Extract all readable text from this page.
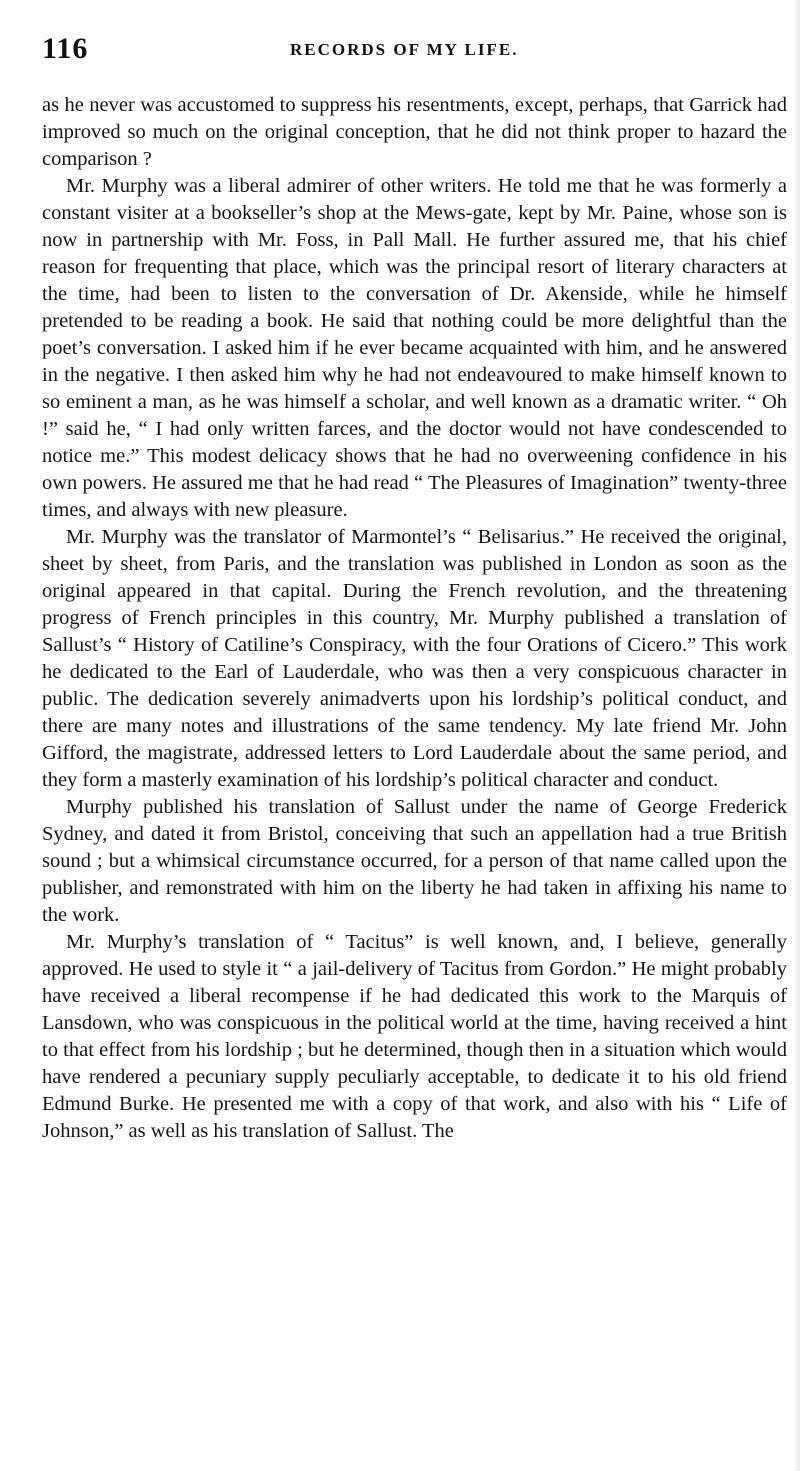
116	RECORDS OF MY LIFE.

as he never was accustomed to suppress his resentments, except, perhaps, that Garrick had improved so much on the original conception, that he did not think proper to hazard the comparison ?

Mr. Murphy was a liberal admirer of other writers. He told me that he was formerly a constant visiter at a bookseller’s shop at the Mews-gate, kept by Mr. Paine, whose son is now in partnership with Mr. Foss, in Pall Mall. He further assured me, that his chief reason for frequenting that place, which was the principal resort of literary characters at the time, had been to listen to the conversation of Dr. Akenside, while he himself pretended to be reading a book. He said that nothing could be more delightful than the poet’s conversation. I asked him if he ever became acquainted with him, and he answered in the negative. I then asked him why he had not endeavoured to make himself known to so eminent a man, as he was himself a scholar, and well known as a dramatic writer. “ Oh !” said he, “ I had only written farces, and the doctor would not have condescended to notice me.” This modest delicacy shows that he had no overweening confidence in his own powers. He assured me that he had read “ The Pleasures of Imagination” twenty-three times, and always with new pleasure.

Mr. Murphy was the translator of Marmontel’s “ Belisarius.” He received the original, sheet by sheet, from Paris, and the translation was published in London as soon as the original appeared in that capital. During the French revolution, and the threatening progress of French principles in this country, Mr. Murphy published a translation of Sallust’s “ History of Catiline’s Conspiracy, with the four Orations of Cicero.” This work he dedicated to the Earl of Lauderdale, who was then a very conspicuous character in public. The dedication severely animadverts upon his lordship’s political conduct, and there are many notes and illustrations of the same tendency. My late friend Mr. John Gifford, the magistrate, addressed letters to Lord Lauderdale about the same period, and they form a masterly examination of his lordship’s political character and conduct.

Murphy published his translation of Sallust under the name of George Frederick Sydney, and dated it from Bristol, conceiving that such an appellation had a true British sound ; but a whimsical circumstance occurred, for a person of that name called upon the publisher, and remonstrated with him on the liberty he had taken in affixing his name to the work.

Mr. Murphy’s translation of “ Tacitus” is well known, and, I believe, generally approved. He used to style it “ a jail-delivery of Tacitus from Gordon.” He might probably have received a liberal recompense if he had dedicated this work to the Marquis of Lansdown, who was conspicuous in the political world at the time, having received a hint to that effect from his lordship ; but he determined, though then in a situation which would have rendered a pecuniary supply peculiarly acceptable, to dedicate it to his old friend Edmund Burke. He presented me with a copy of that work, and also with his “ Life of Johnson,” as well as his translation of Sallust. The
